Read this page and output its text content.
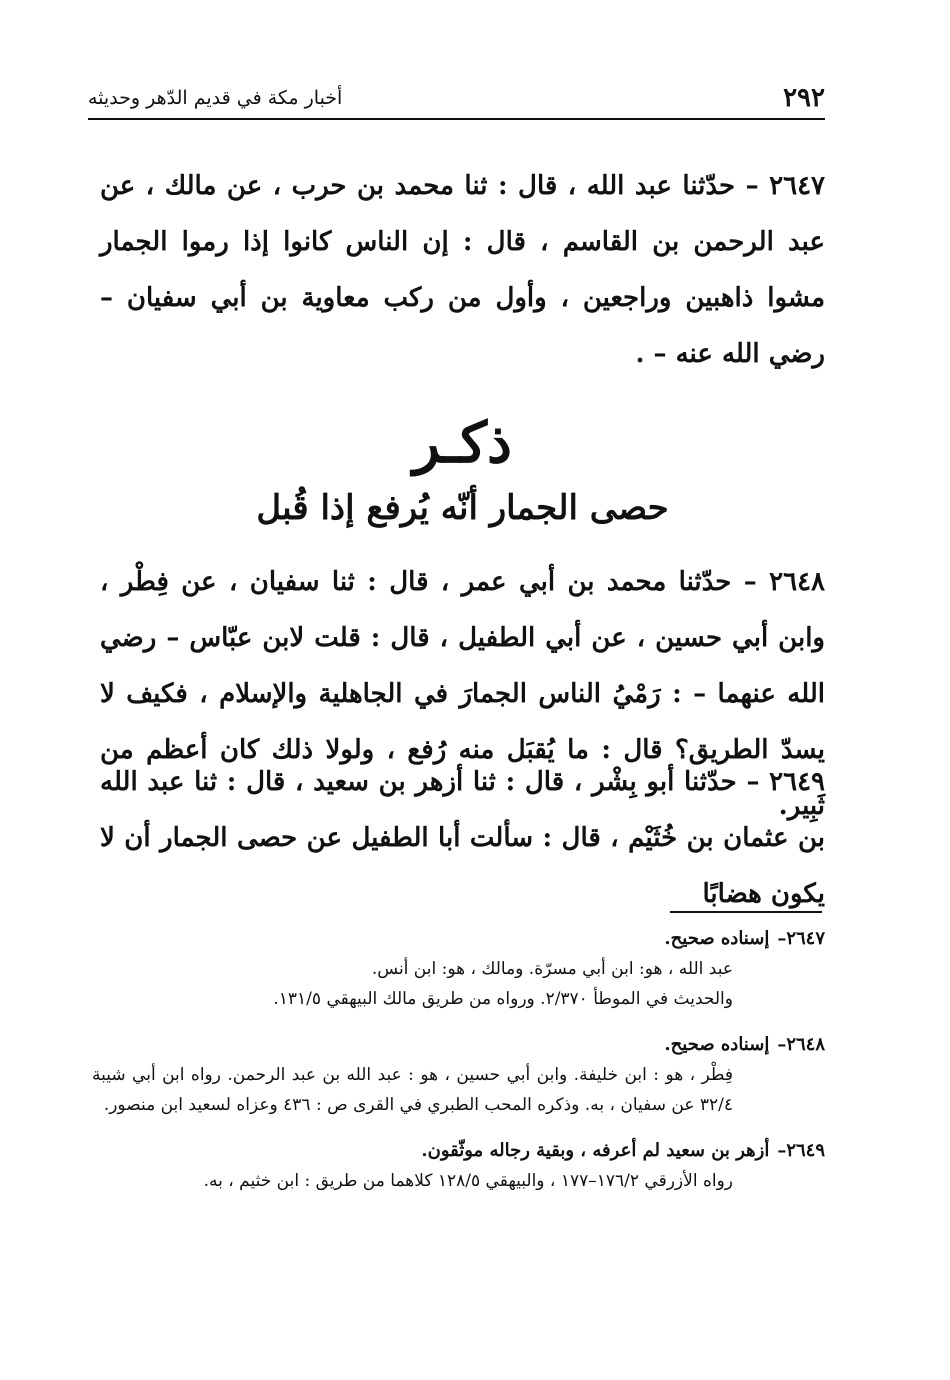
٢٩٢
أخبار مكة في قديم الدّهر وحديثه
٢٦٤٧ – حدّثنا عبد الله ، قال : ثنا محمد بن حرب ، عن مالك ، عن عبد الرحمن بن القاسم ، قال : إن الناس كانوا إذا رموا الجمار مشوا ذاهبين وراجعين ، وأول من ركب معاوية بن أبي سفيان – رضي الله عنه – .
ذكـر
حصى الجمار أنّه يُرفع إذا قُبل
٢٦٤٨ – حدّثنا محمد بن أبي عمر ، قال : ثنا سفيان ، عن فِطْر ، وابن أبي حسين ، عن أبي الطفيل ، قال : قلت لابن عبّاس – رضي الله عنهما – : رَمْيُ الناس الجمارَ في الجاهلية والإسلام ، فكيف لا يسدّ الطريق؟ قال : ما يُقبَل منه رُفع ، ولولا ذلك كان أعظم من ثَبِير.
٢٦٤٩ – حدّثنا أبو بِشْر ، قال : ثنا أزهر بن سعيد ، قال : ثنا عبد الله بن عثمان بن خُثَيْم ، قال : سألت أبا الطفيل عن حصى الجمار أن لا يكون هضابًا
٢٦٤٧–إسناده صحيح.
عبد الله ، هو: ابن أبي مسرّة. ومالك ، هو: ابن أنس.
والحديث في الموطأ ٢/٣٧٠. ورواه من طريق مالك البيهقي ١٣١/٥.
٢٦٤٨–إسناده صحيح.
فِطْر ، هو : ابن خليفة. وابن أبي حسين ، هو : عبد الله بن عبد الرحمن. رواه ابن أبي شيبة ٣٢/٤ عن سفيان ، به. وذكره المحب الطبري في القرى ص : ٤٣٦ وعزاه لسعيد ابن منصور.
٢٦٤٩–أزهر بن سعيد لم أعرفه ، وبقية رجاله موثّقون.
رواه الأزرقي ١٧٦/٢–١٧٧ ، والبيهقي ١٢٨/٥ كلاهما من طريق : ابن خثيم ، به.
